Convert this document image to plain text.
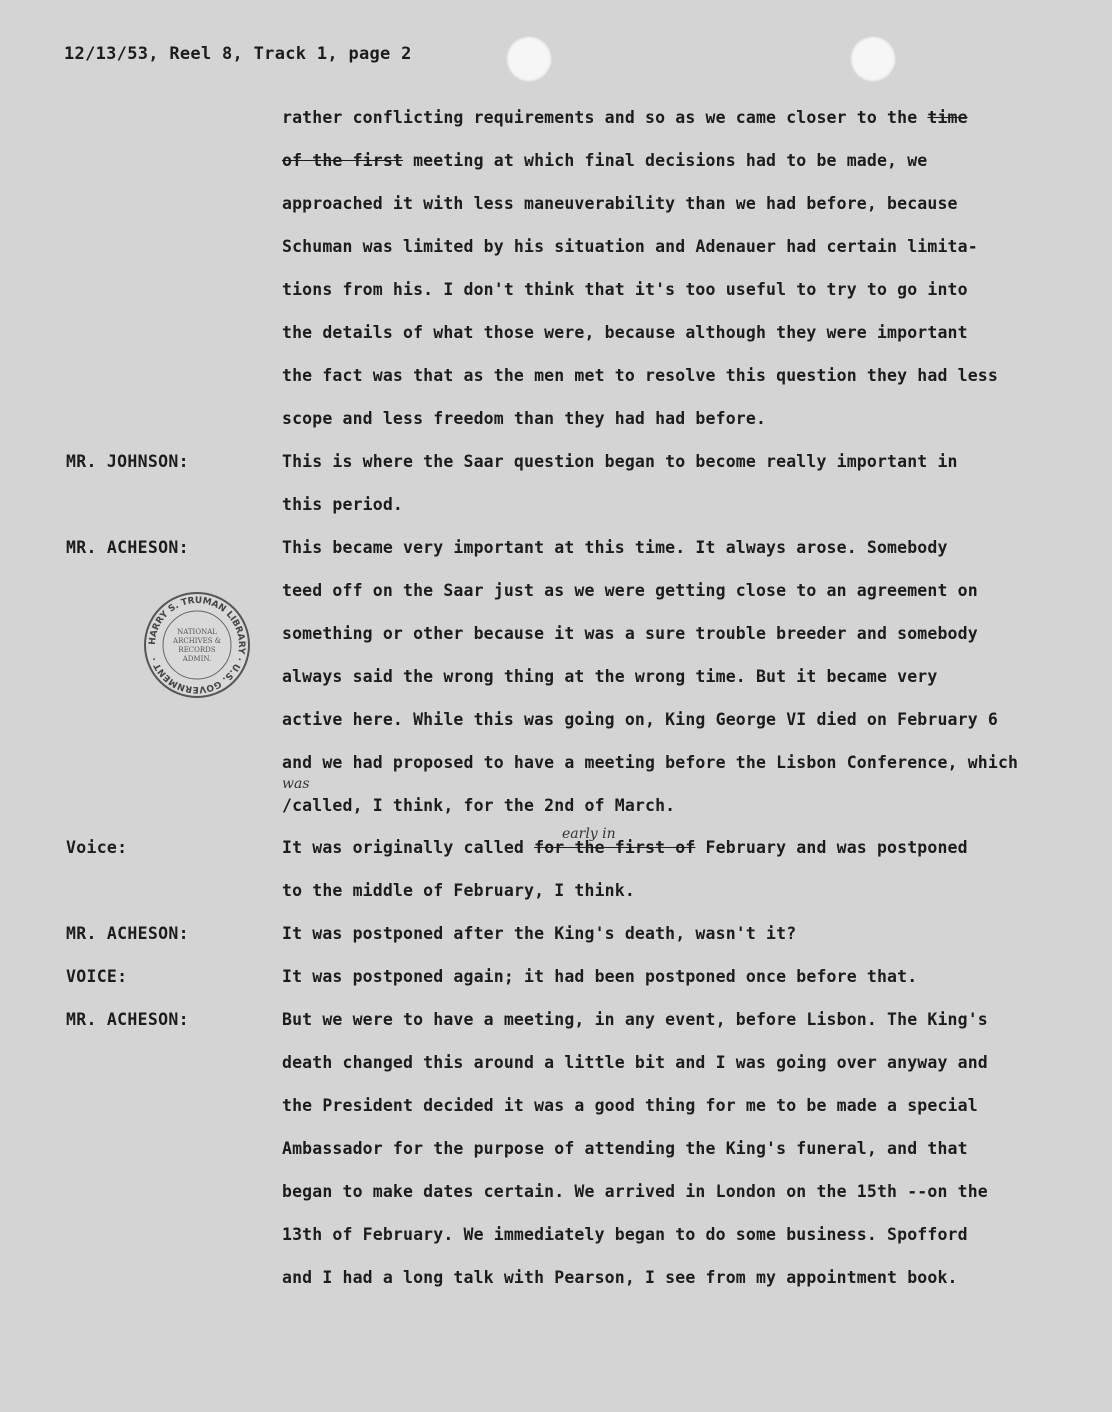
12/13/53, Reel 8, Track 1, page 2
HARRY S. TRUMAN LIBRARY · U.S. GOVERNMENT ·
NATIONAL
ARCHIVES &
RECORDS
ADMIN.
rather conflicting requirements and so as we came closer to the time
of the first meeting at which final decisions had to be made, we
approached it with less maneuverability than we had before, because
Schuman was limited by his situation and Adenauer had certain limita-
tions from his. I don't think that it's too useful to try to go into
the details of what those were, because although they were important
the fact was that as the men met to resolve this question they had less
scope and less freedom than they had had before.
This is where the Saar question began to become really important in
this period.
This became very important at this time. It always arose. Somebody
teed off on the Saar just as we were getting close to an agreement on
something or other because it was a sure trouble breeder and somebody
always said the wrong thing at the wrong time. But it became very
active here. While this was going on, King George VI died on February 6
and we had proposed to have a meeting before the Lisbon Conference, which
/called, I think, for the 2nd of March.
It was originally called for the first of February and was postponed
to the middle of February, I think.
It was postponed after the King's death, wasn't it?
It was postponed again; it had been postponed once before that.
But we were to have a meeting, in any event, before Lisbon. The King's
death changed this around a little bit and I was going over anyway and
the President decided it was a good thing for me to be made a special
Ambassador for the purpose of attending the King's funeral, and that
began to make dates certain. We arrived in London on the 15th --on the
13th of February. We immediately began to do some business. Spofford
and I had a long talk with Pearson, I see from my appointment book.
MR. JOHNSON:
MR. ACHESON:
Voice:
MR. ACHESON:
VOICE:
MR. ACHESON:
was
early in
